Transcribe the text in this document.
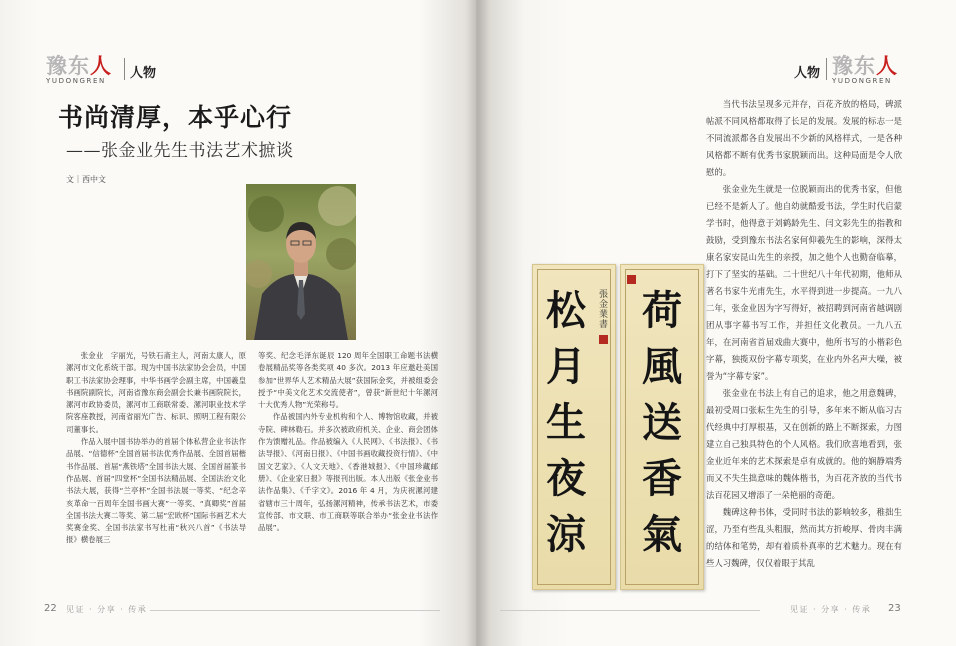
豫东人
YUDONGREN	人物
书尚清厚，本乎心行
——张金业先生书法艺术摭谈
文｜西中文

张金业　字丽光，号铁石斋主人，河南太康人，原漯河市文化系统干部。现为中国书法家协会会员，中国职工书法家协会理事，中华书画学会副主席，中国羲皇书画院副院长，河南省豫东商会副会长兼书画院院长，漯河市政协委员，漯河市工商联常委、漯河职业技术学院客座教授，河南省丽光广告、标识、照明工程有限公司董事长。

作品入展中国书协举办的首届个体私营企业书法作品展、“信德杯”全国首届书法优秀作品展、全国首届楷书作品展、首届“燕铁塔”全国书法大展、全国首届篆书作品展、首届“四堂杯”全国书法精品展、全国法治文化书法大展，获得“兰亭杯”全国书法展一等奖、“纪念辛亥革命一百周年全国书画大赛”一等奖、“真卿奖”首届全国书法大赛二等奖、第二届“宏欧杯”国际书画艺术大奖赛金奖、全国书法家书写杜甫“秋兴八首”《书法导报》横卷展三

等奖、纪念毛泽东诞辰 120 周年全国职工命题书法横卷展精品奖等各类奖项 40 多次。2013 年应邀赴美国参加“世界华人艺术精品大展”获国际金奖，并被组委会授予“中美文化艺术交流使者”，曾获“新世纪十年漯河十大优秀人物”光荣称号。

作品被国内外专业机构和个人、博物馆收藏，并被寺院、碑林勒石。并多次被政府机关、企业、商会团体作为馈赠礼品。作品被编入《人民网》、《书法报》、《书法导报》、《河南日报》、《中国书画收藏投资行情》、《中国文艺家》、《人文天地》、《香港城报》、《中国珍藏邮册》、《企业家日报》等报刊出版。本人出版《张金业书法作品集》、《千字文》。2016 年 4 月，为庆祝漯河建省辖市三十周年，弘扬漯河精神，传承书法艺术，市委宣传部、市文联、市工商联等联合举办“张金业书法作品展”。

22 见证 · 分享 · 传承
人物 豫东人
YUDONGREN
松
月
生
夜
涼
張金業書 荷
風
送
香
氣

当代书法呈现多元并存，百花齐放的格局，碑派帖派不同风格都取得了长足的发展。发展的标志一是不同流派都各自发展出不少新的风格样式，一是各种风格都不断有优秀书家脱颖而出。这种局面是令人欣慰的。

张金业先生就是一位脱颖而出的优秀书家，但他已经不是新人了。他自幼就酷爱书法，学生时代启蒙学书时，他得意于刘鹤龄先生、闫文彩先生的指教和鼓励，受到豫东书法名家何仰羲先生的影响，深得太康名家安昆山先生的亲授，加之他个人也勤奋临摹，打下了坚实的基础。二十世纪八十年代初期，他师从著名书家牛光甫先生，水平得到进一步提高。一九八二年，张金业因为字写得好，被招聘到河南省越调剧团从事字幕书写工作，并担任文化教员。一九八五年，在河南省首届戏曲大赛中，他所书写的小楷彩色字幕，独揽双份字幕专项奖，在业内外名声大噪，被誉为“字幕专家”。

张金业在书法上有自己的追求，他之用意魏碑，最初受周口张耘生先生的引导，多年来不断从临习古代经典中打厚根基，又在创新的路上不断探索，力图建立自己独具特色的个人风格。我们欣喜地看到，张金业近年来的艺术探索是卓有成就的。他的娴静端秀而又不失生拙意味的魏体楷书，为百花齐放的当代书法百花园又增添了一朵艳丽的奇葩。

魏碑这种书体，受同时书法的影响较多，稚拙生涩，乃至有些乱头粗服，然而其方折峻厚、骨肉丰满的结体和笔势，却有着质朴真率的艺术魅力。现在有些人习魏碑，仅仅着眼于其乱

见证 · 分享 · 传承 23
